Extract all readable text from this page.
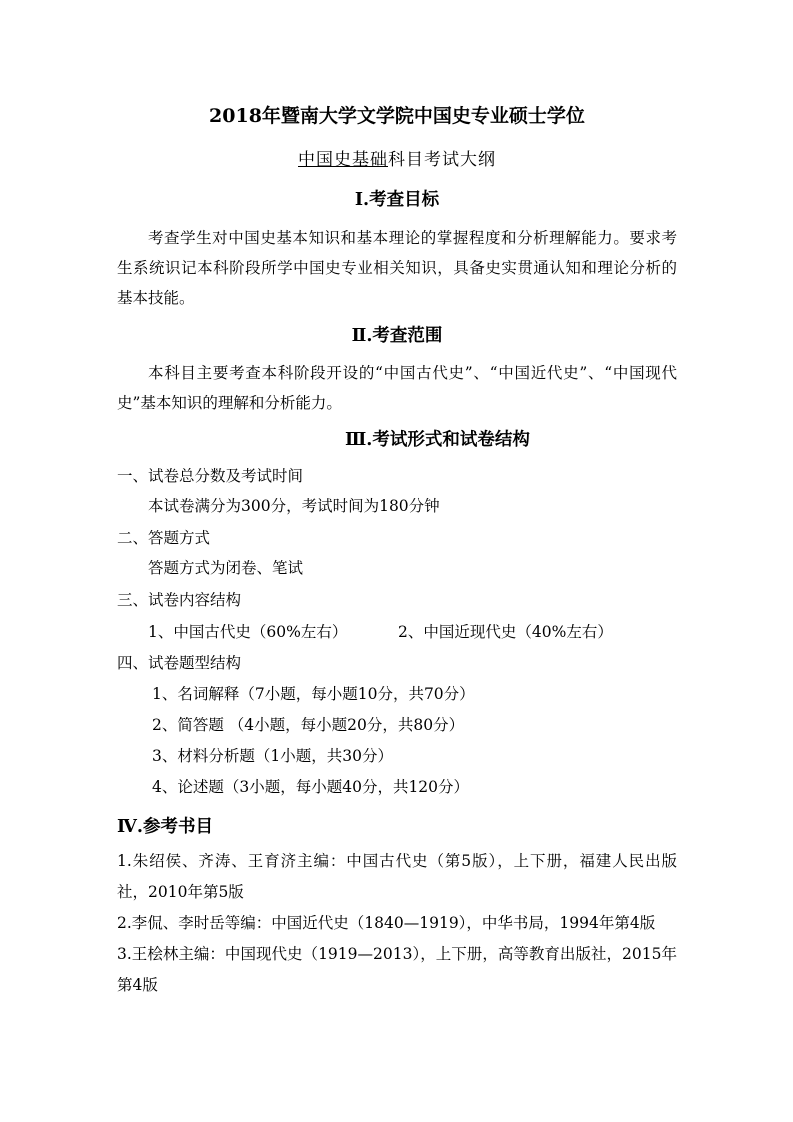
2018年暨南大学文学院中国史专业硕士学位
中国史基础科目考试大纲
Ⅰ.考查目标
考查学生对中国史基本知识和基本理论的掌握程度和分析理解能力。要求考
生系统识记本科阶段所学中国史专业相关知识，具备史实贯通认知和理论分析的
基本技能。
Ⅱ.考查范围
本科目主要考查本科阶段开设的“中国古代史”、“中国近代史”、“中国现代
史”基本知识的理解和分析能力。
Ⅲ.考试形式和试卷结构
一、试卷总分数及考试时间
本试卷满分为300分，考试时间为180分钟
二、答题方式
答题方式为闭卷、笔试
三、试卷内容结构
1、中国古代史（60%左右）	2、中国近现代史（40%左右）
四、试卷题型结构
1、名词解释（7小题，每小题10分，共70分）
2、简答题 （4小题，每小题20分，共80分）
3、材料分析题（1小题，共30分）
4、论述题（3小题，每小题40分，共120分）
Ⅳ.参考书目
1.朱绍侯、齐涛、王育济主编：中国古代史（第5版），上下册，福建人民出版
社，2010年第5版
2.李侃、李时岳等编：中国近代史（1840—1919），中华书局，1994年第4版
3.王桧林主编：中国现代史（1919—2013），上下册，高等教育出版社，2015年
第4版
